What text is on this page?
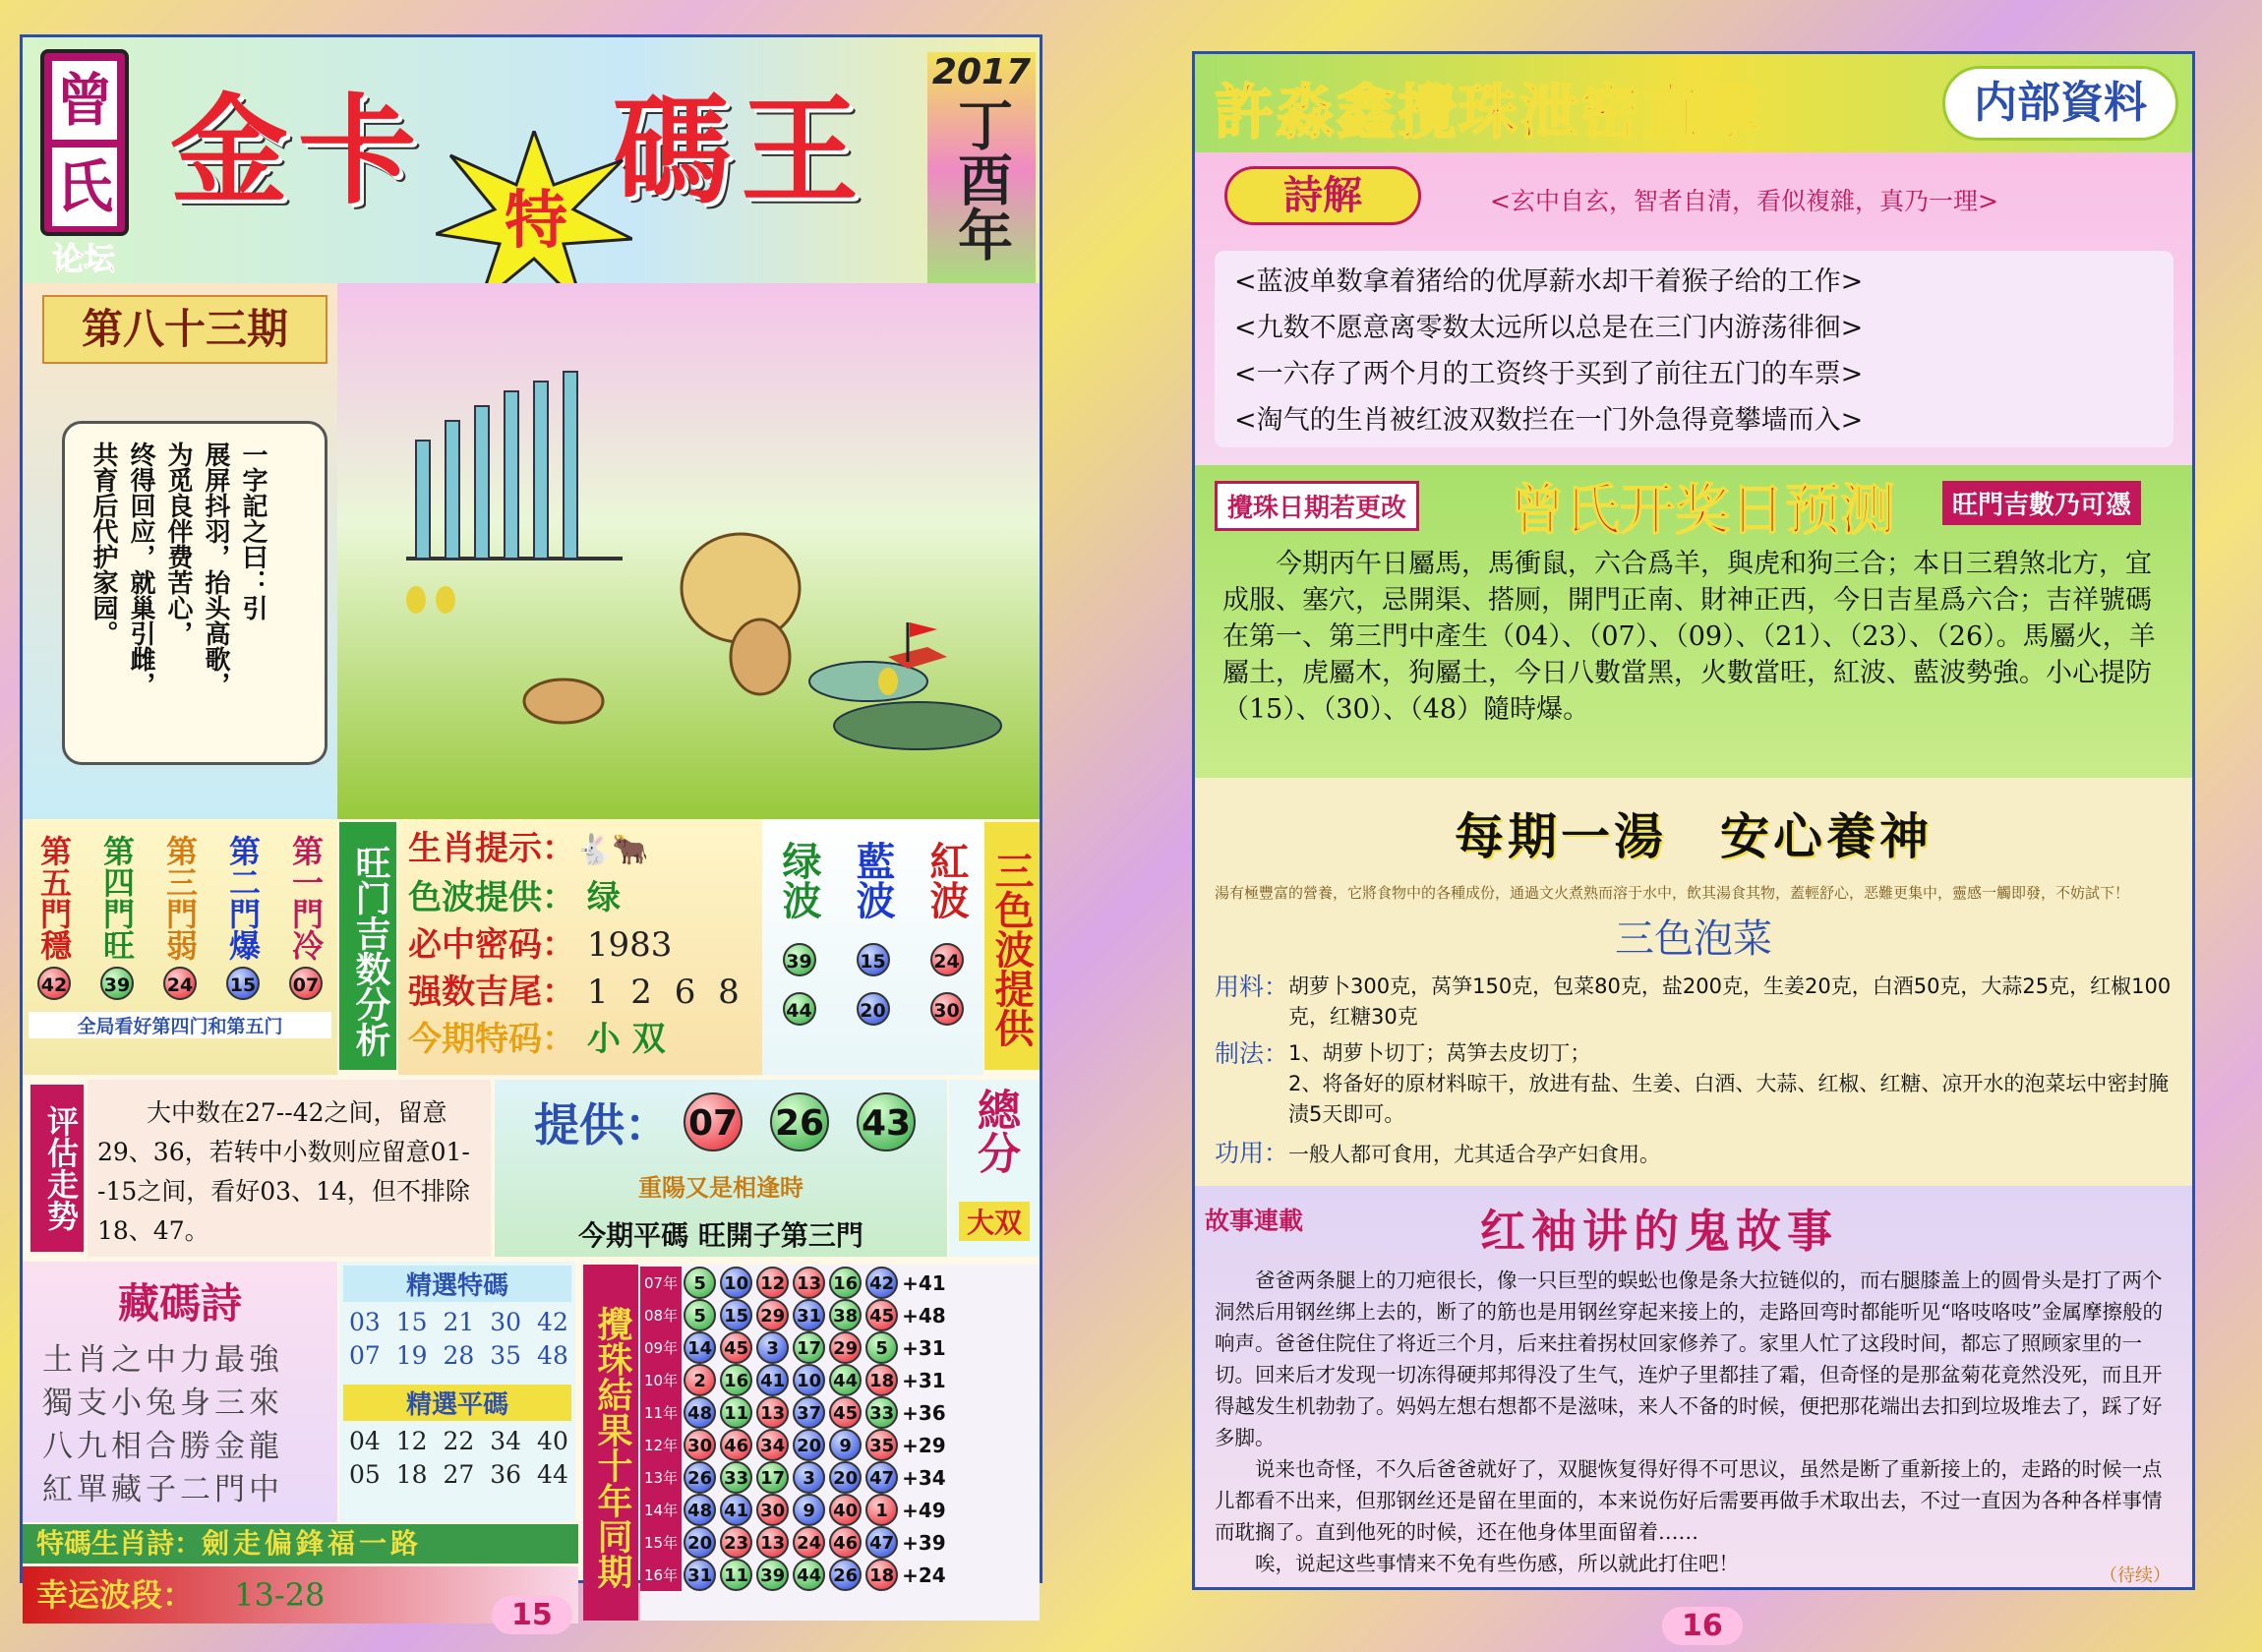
曾
氏
论坛
金卡 碼王
特
2017
丁酉年
第八十三期

一字記之曰：引
展屏抖羽，抬头高歌，
为觅良伴费苦心，
终得回应，就巢引雌，
共育后代护家园。

第五門穩
42
第四門旺
39
第三門弱
24
第二門爆
15
第一門冷
07
全局看好第四门和第五门	旺门吉数分析 生肖提示：🐇🐂
色波提供： 绿
必中密码： 1983
强数吉尾： 1 2 6 8
今期特码： 小 双
绿波
39
44
藍波
15
20
紅波
24
30 三色波提供
评估走势	大中数在27--42之间，留意29、36，若转中小数则应留意01--15之间，看好03、14，但不排除18、47。
提供： 07 26 43
重陽又是相逢時
今期平碼 旺開子第三門
總分
大双
藏碼詩
土肖之中力最強
獨支小兔身三來
八九相合勝金龍
紅單藏子二門中
精選特碼
03 15 21 30 42
07 19 28 35 48
精選平碼
04 12 22 34 40
05 18 27 36 44
特碼生肖詩：劍走偏鋒福一路
幸运波段： 13-28
攪珠結果十年同期
07年	5	10	12	13	16	42	+41
08年	5	15	29	31	38	45	+48
09年	14	45	3	17	29	5	+31
10年	2	16	41	10	44	18	+31
11年	48	11	13	37	45	33	+36
12年	30	46	34	20	9	35	+29
13年	26	33	17	3	20	47	+34
14年	48	41	30	9	40	1	+49
15年	20	23	13	24	46	47	+39
16年	31	11	39	44	26	18	+24
15
許淼鑫攪珠泄密直擊	内部資料
詩解	<玄中自玄，智者自清，看似複雜，真乃一理>
<蓝波单数拿着猪给的优厚薪水却干着猴子给的工作>
<九数不愿意离零数太远所以总是在三门内游荡徘徊>
<一六存了两个月的工资终于买到了前往五门的车票>
<淘气的生肖被红波双数拦在一门外急得竟攀墙而入>
攪珠日期若更改 曾氏开奖日预测	旺門吉數乃可憑
今期丙午日屬馬，馬衝鼠，六合爲羊，與虎和狗三合；本日三碧煞北方，宜成服、塞穴，忌開渠、搭厕，開門正南、財神正西，今日吉星爲六合；吉祥號碼在第一、第三門中產生（04）、（07）、（09）、（21）、（23）、（26）。馬屬火，羊屬土，虎屬木，狗屬土，今日八數當黑，火數當旺，紅波、藍波勢強。小心提防（15）、（30）、（48）隨時爆。
每期一湯　安心養神
湯有極豐富的營養，它將食物中的各種成份，通過文火煮熟而溶于水中，飲其湯食其物，蓋輕舒心，恶難更集中，靈感一觸即發，不妨試下！
三色泡菜
用料： 胡萝卜300克，莴笋150克，包菜80克，盐200克，生姜20克，白酒50克，大蒜25克，红椒100克，红糖30克
制法： 1、胡萝卜切丁；莴笋去皮切丁；
2、将备好的原材料晾干，放进有盐、生姜、白酒、大蒜、红椒、红糖、凉开水的泡菜坛中密封腌渍5天即可。
功用：一般人都可食用，尤其适合孕产妇食用。
故事連載	红袖讲的鬼故事

爸爸两条腿上的刀疤很长，像一只巨型的蜈蚣也像是条大拉链似的，而右腿膝盖上的圆骨头是打了两个洞然后用钢丝绑上去的，断了的筋也是用钢丝穿起来接上的，走路回弯时都能听见“咯吱咯吱”金属摩擦般的响声。爸爸住院住了将近三个月，后来拄着拐杖回家修养了。家里人忙了这段时间，都忘了照顾家里的一切。回来后才发现一切冻得硬邦邦得没了生气，连炉子里都挂了霜，但奇怪的是那盆菊花竟然没死，而且开得越发生机勃勃了。妈妈左想右想都不是滋味，来人不备的时候，便把那花端出去扣到垃圾堆去了，踩了好多脚。

说来也奇怪，不久后爸爸就好了，双腿恢复得好得不可思议，虽然是断了重新接上的，走路的时候一点儿都看不出来，但那钢丝还是留在里面的，本来说伤好后需要再做手术取出去，不过一直因为各种各样事情而耽搁了。直到他死的时候，还在他身体里面留着……

唉，说起这些事情来不免有些伤感，所以就此打住吧！

（待续）
16
